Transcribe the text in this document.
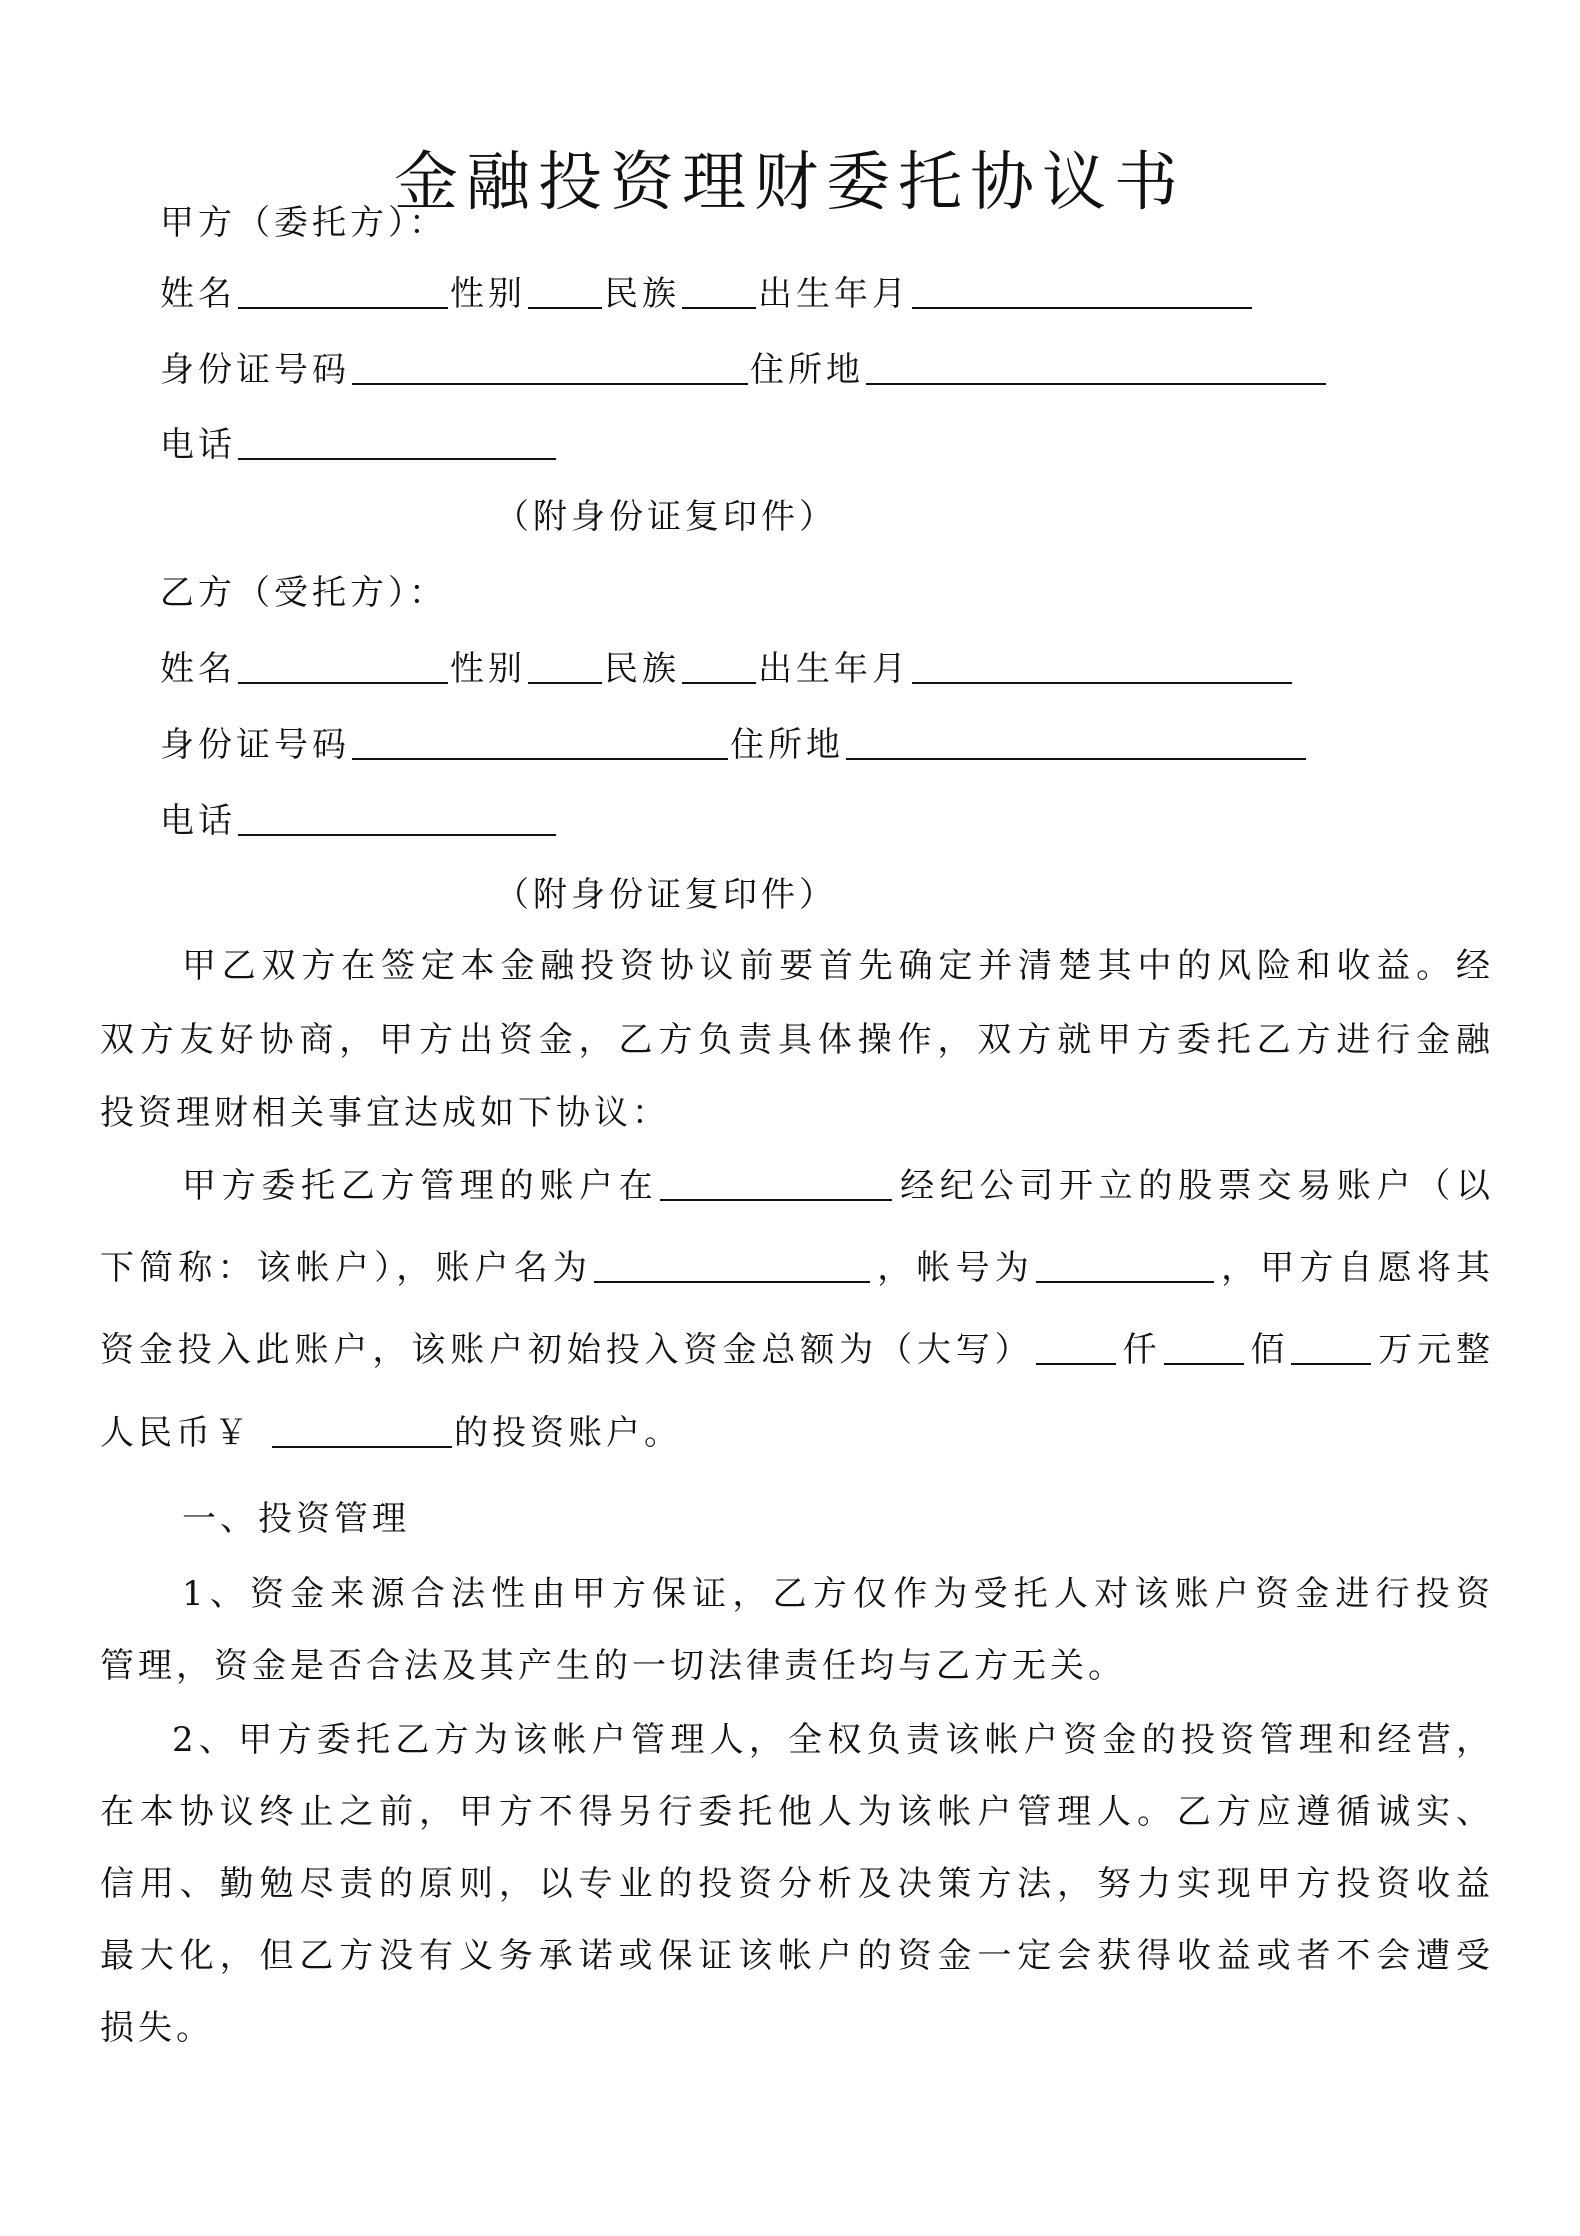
金融投资理财委托协议书
甲方（委托方）：
姓名	性别 民族 出生年月
身份证号码	住所地
电话
（附身份证复印件）
乙方（受托方）：
姓名	性别 民族 出生年月
身份证号码	住所地
电话
（附身份证复印件）
甲乙双方在签定本金融投资协议前要首先确定并清楚其中的风险和收益。经
双方友好协商，甲方出资金，乙方负责具体操作，双方就甲方委托乙方进行金融
投资理财相关事宜达成如下协议：
甲方委托乙方管理的账户在	经纪公司开立的股票交易账户（以
下简称：该帐户），账户名为	，帐号为	，甲方自愿将其
资金投入此账户，该账户初始投入资金总额为（大写） 仟 佰 万元整
人民币￥	的投资账户。
一、投资管理
1、资金来源合法性由甲方保证，乙方仅作为受托人对该账户资金进行投资
管理，资金是否合法及其产生的一切法律责任均与乙方无关。
2、甲方委托乙方为该帐户管理人，全权负责该帐户资金的投资管理和经营，
在本协议终止之前，甲方不得另行委托他人为该帐户管理人。乙方应遵循诚实、
信用、勤勉尽责的原则，以专业的投资分析及决策方法，努力实现甲方投资收益
最大化，但乙方没有义务承诺或保证该帐户的资金一定会获得收益或者不会遭受
损失。
